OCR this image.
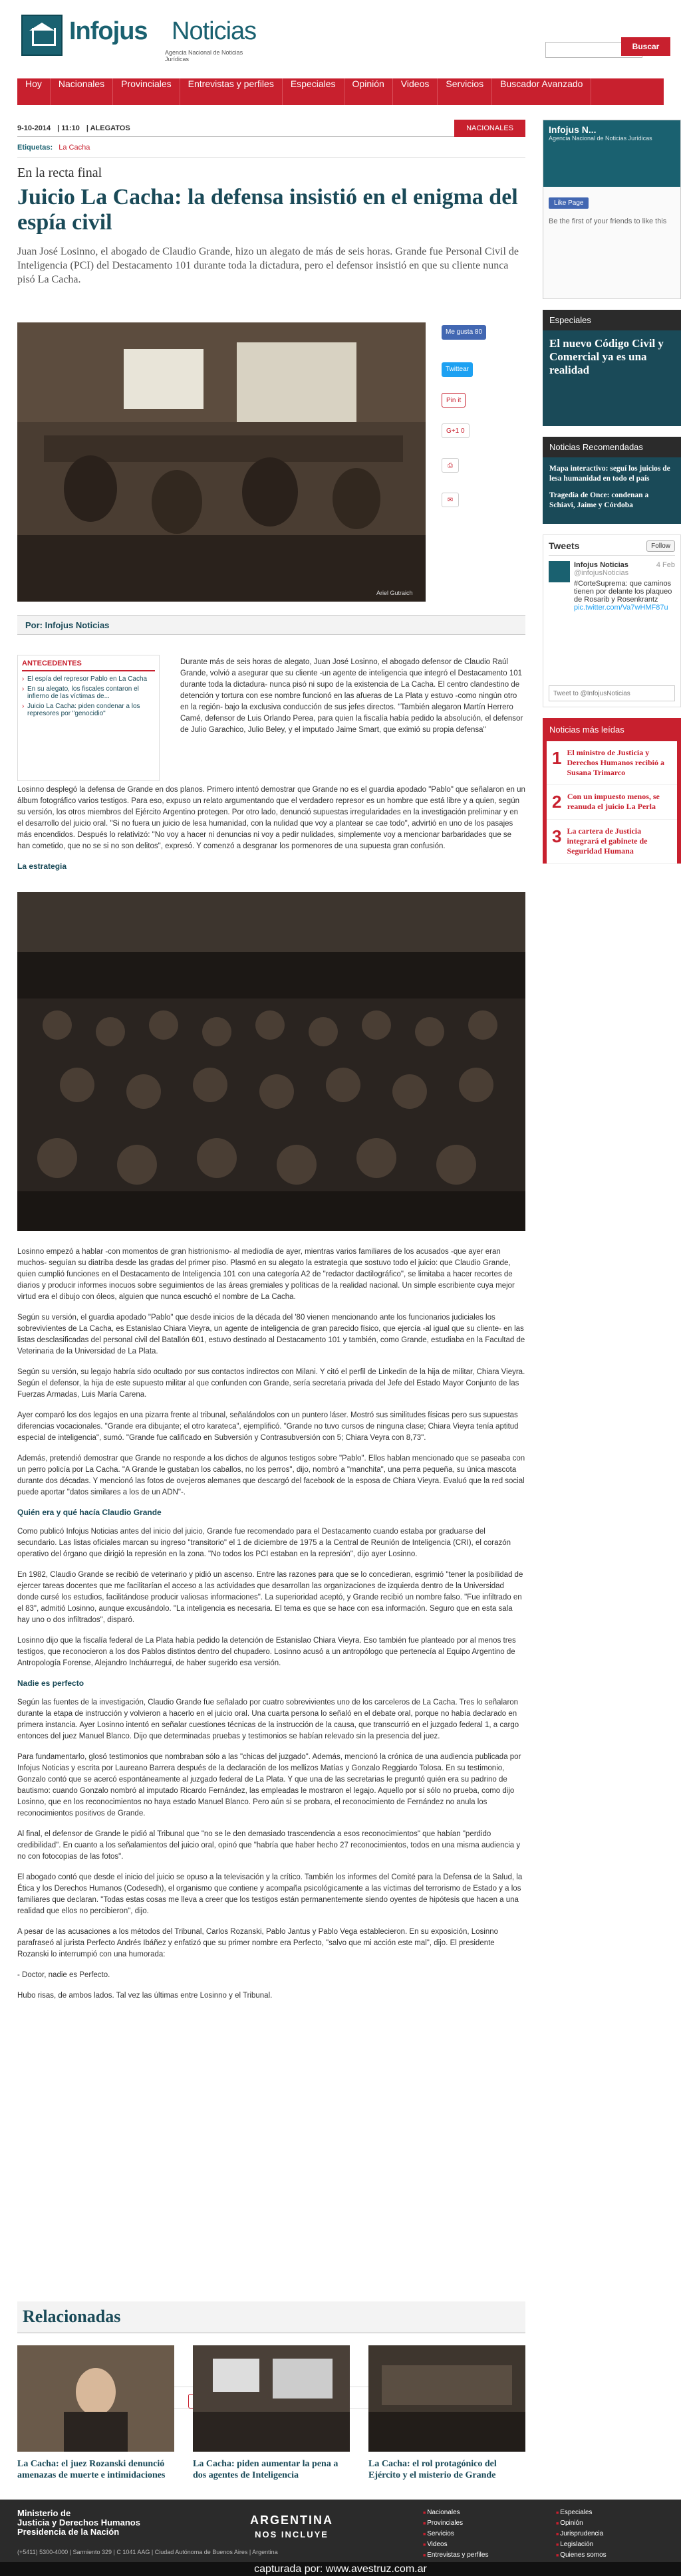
Infojus Noticias
Agencia Nacional de Noticias Jurídicas
Buscar
Hoy	Nacionales	Provinciales	Entrevistas y perfiles	Especiales	Opinión	Videos	Servicios	Buscador Avanzado
9-10-2014 | 11:10 | ALEGATOS	NACIONALES
Etiquetas: La Cacha
En la recta final
Juicio La Cacha: la defensa insistió en el enigma del espía civil

Juan José Losinno, el abogado de Claudio Grande, hizo un alegato de más de seis horas. Grande fue Personal Civil de Inteligencia (PCI) del Destacamento 101 durante toda la dictadura, pero el defensor insistió en que su cliente nunca pisó La Cacha.

Ariel Gutraich
Me gusta 80
Twittear
Pin it
G+1 0
⎙
✉
Por: Infojus Noticias
ANTECEDENTES
› El espía del represor Pablo en La Cacha
› En su alegato, los fiscales contaron el infierno de las víctimas de...
› Juicio La Cacha: piden condenar a los represores por "genocidio"

Durante más de seis horas de alegato, Juan José Losinno, el abogado defensor de Claudio Raúl Grande, volvió a asegurar que su cliente -un agente de inteligencia que integró el Destacamento 101 durante toda la dictadura- nunca pisó ni supo de la existencia de La Cacha. El centro clandestino de detención y tortura con ese nombre funcionó en las afueras de La Plata y estuvo -como ningún otro en la región- bajo la exclusiva conducción de sus jefes directos. "También alegaron Martín Herrero Camé, defensor de Luis Orlando Perea, para quien la fiscalía había pedido la absolución, el defensor de Julio Garachico, Julio Beley, y el imputado Jaime Smart, que eximió su propia defensa"

Losinno desplegó la defensa de Grande en dos planos. Primero intentó demostrar que Grande no es el guardia apodado "Pablo" que señalaron en un álbum fotográfico varios testigos. Para eso, expuso un relato argumentando que el verdadero represor es un hombre que está libre y a quien, según su versión, los otros miembros del Ejército Argentino protegen. Por otro lado, denunció supuestas irregularidades en la investigación preliminar y en el desarrollo del juicio oral. "Si no fuera un juicio de lesa humanidad, con la nulidad que voy a plantear se cae todo", advirtió en uno de los pasajes más encendidos. Después lo relativizó: "No voy a hacer ni denuncias ni voy a pedir nulidades, simplemente voy a mencionar barbaridades que se han cometido, que no se si no son delitos", expresó. Y comenzó a desgranar los pormenores de una supuesta gran confusión.

La estrategia

Losinno empezó a hablar -con momentos de gran histrionismo- al mediodía de ayer, mientras varios familiares de los acusados -que ayer eran muchos- seguían su diatriba desde las gradas del primer piso. Plasmó en su alegato la estrategia que sostuvo todo el juicio: que Claudio Grande, quien cumplió funciones en el Destacamento de Inteligencia 101 con una categoría A2 de "redactor dactilográfico", se limitaba a hacer recortes de diarios y producir informes inocuos sobre seguimientos de las áreas gremiales y políticas de la realidad nacional. Un simple escribiente cuya mejor virtud era el dibujo con óleos, alguien que nunca escuchó el nombre de La Cacha.

Según su versión, el guardia apodado "Pablo" que desde inicios de la década del '80 vienen mencionando ante los funcionarios judiciales los sobrevivientes de La Cacha, es Estanislao Chiara Vieyra, un agente de inteligencia de gran parecido físico, que ejercía -al igual que su cliente- en las listas desclasificadas del personal civil del Batallón 601, estuvo destinado al Destacamento 101 y también, como Grande, estudiaba en la Facultad de Veterinaria de la Universidad de La Plata.

Según su versión, su legajo habría sido ocultado por sus contactos indirectos con Milani. Y citó el perfil de Linkedin de la hija de militar, Chiara Vieyra. Según el defensor, la hija de este supuesto militar al que confunden con Grande, sería secretaria privada del Jefe del Estado Mayor Conjunto de las Fuerzas Armadas, Luis María Carena.

Ayer comparó los dos legajos en una pizarra frente al tribunal, señalándolos con un puntero láser. Mostró sus similitudes físicas pero sus supuestas diferencias vocacionales. "Grande era dibujante; el otro karateca", ejemplificó. "Grande no tuvo cursos de ninguna clase; Chiara Vieyra tenía aptitud especial de inteligencia", sumó. "Grande fue calificado en Subversión y Contrasubversión con 5; Chiara Veyra con 8,73".

Además, pretendió demostrar que Grande no responde a los dichos de algunos testigos sobre "Pablo". Ellos hablan mencionado que se paseaba con un perro policía por La Cacha. "A Grande le gustaban los caballos, no los perros", dijo, nombró a "manchita", una perra pequeña, su única mascota durante dos décadas. Y mencionó las fotos de ovejeros alemanes que descargó del facebook de la esposa de Chiara Vieyra. Evaluó que la red social puede aportar "datos similares a los de un ADN"-.

Quién era y qué hacía Claudio Grande

Como publicó Infojus Noticias antes del inicio del juicio, Grande fue recomendado para el Destacamento cuando estaba por graduarse del secundario. Las listas oficiales marcan su ingreso "transitorio" el 1 de diciembre de 1975 a la Central de Reunión de Inteligencia (CRI), el corazón operativo del órgano que dirigió la represión en la zona. "No todos los PCI estaban en la represión", dijo ayer Losinno.

En 1982, Claudio Grande se recibió de veterinario y pidió un ascenso. Entre las razones para que se lo concedieran, esgrimió "tener la posibilidad de ejercer tareas docentes que me facilitarían el acceso a las actividades que desarrollan las organizaciones de izquierda dentro de la Universidad donde cursé los estudios, facilitándose producir valiosas informaciones". La superioridad aceptó, y Grande recibió un nombre falso. "Fue infiltrado en el 83", admitió Losinno, aunque excusándolo. "La inteligencia es necesaria. El tema es que se hace con esa información. Seguro que en esta sala hay uno o dos infiltrados", disparó.

Losinno dijo que la fiscalía federal de La Plata había pedido la detención de Estanislao Chiara Vieyra. Eso también fue planteado por al menos tres testigos, que reconocieron a los dos Pablos distintos dentro del chupadero. Losinno acusó a un antropólogo que pertenecía al Equipo Argentino de Antropología Forense, Alejandro Incháurregui, de haber sugerido esa versión.

Nadie es perfecto

Según las fuentes de la investigación, Claudio Grande fue señalado por cuatro sobrevivientes uno de los carceleros de La Cacha. Tres lo señalaron durante la etapa de instrucción y volvieron a hacerlo en el juicio oral. Una cuarta persona lo señaló en el debate oral, porque no había declarado en primera instancia. Ayer Losinno intentó en señalar cuestiones técnicas de la instrucción de la causa, que transcurrió en el juzgado federal 1, a cargo entonces del juez Manuel Blanco. Dijo que determinadas pruebas y testimonios se habían relevado sin la presencia del juez.

Para fundamentarlo, glosó testimonios que nombraban sólo a las "chicas del juzgado". Además, mencionó la crónica de una audiencia publicada por Infojus Noticias y escrita por Laureano Barrera después de la declaración de los mellizos Matías y Gonzalo Reggiardo Tolosa. En su testimonio, Gonzalo contó que se acercó espontáneamente al juzgado federal de La Plata. Y que una de las secretarias le preguntó quién era su padrino de bautismo: cuando Gonzalo nombró al imputado Ricardo Fernández, las empleadas le mostraron el legajo. Aquello por sí sólo no prueba, como dijo Losinno, que en los reconocimientos no haya estado Manuel Blanco. Pero aún si se probara, el reconocimiento de Fernández no anula los reconocimientos positivos de Grande.

Al final, el defensor de Grande le pidió al Tribunal que "no se le den demasiado trascendencia a esos reconocimientos" que habían "perdido credibilidad". En cuanto a los señalamientos del juicio oral, opinó que "habría que haber hecho 27 reconocimientos, todos en una misma audiencia y no con fotocopias de las fotos".

El abogado contó que desde el inicio del juicio se opuso a la televisación y la crítico. También los informes del Comité para la Defensa de la Salud, la Ética y los Derechos Humanos (Codesedh), el organismo que contiene y acompaña psicológicamente a las víctimas del terrorismo de Estado y a los familiares que declaran. "Todas estas cosas me lleva a creer que los testigos están permanentemente siendo oyentes de hipótesis que hacen a una realidad que ellos no percibieron", dijo.

A pesar de las acusaciones a los métodos del Tribunal, Carlos Rozanski, Pablo Jantus y Pablo Vega establecieron. En su exposición, Losinno parafraseó al jurista Perfecto Andrés Ibáñez y enfatizó que su primer nombre era Perfecto, "salvo que mi acción este mal", dijo. El presidente Rozanski lo interrumpió con una humorada:

- Doctor, nadie es Perfecto.

Hubo risas, de ambos lados. Tal vez las últimas entre Losinno y el Tribunal.

Infojus N...
Agencia Nacional de Noticias Jurídicas
Like Page
Be the first of your friends to like this
Especiales
El nuevo Código Civil y Comercial ya es una realidad
Noticias Recomendadas

Mapa interactivo: seguí los juicios de lesa humanidad en todo el país

Tragedia de Once: condenan a Schiavi, Jaime y Córdoba

Tweets	Follow
Infojus Noticias	4 Feb

@infojusNoticias

#CorteSuprema: que caminos tienen por delante los plaqueo de Rosarib y Rosenkrantz

pic.twitter.com/Va7wHMF87u

Tweet to @InfojusNoticias
Noticias más leídas
1 El ministro de Justicia y Derechos Humanos recibió a Susana Trimarco
2 Con un impuesto menos, se reanuda el juicio La Perla
3 La cartera de Justicia integrará el gabinete de Seguridad Humana
Relacionadas
La Cacha: el juez Rozanski denunció amenazas de muerte e intimidaciones
La Cacha: piden aumentar la pena a dos agentes de Inteligencia
La Cacha: el rol protagónico del Ejército y el misterio de Grande
Ministerio de
Justicia y Derechos Humanos
Presidencia de la Nación
ARGENTINA
NOS INCLUYE
■ Nacionales
■ Provinciales
■ Servicios
■ Videos
■ Entrevistas y perfiles
■
■ Especiales
■ Opinión
■ Jurisprudencia
■ Legislación
■ Quienes somos
(+5411) 5300-4000 | Sarmiento 329 | C 1041 AAG | Ciudad Autónoma de Buenos Aires | Argentina
capturada por: www.avestruz.com.ar
